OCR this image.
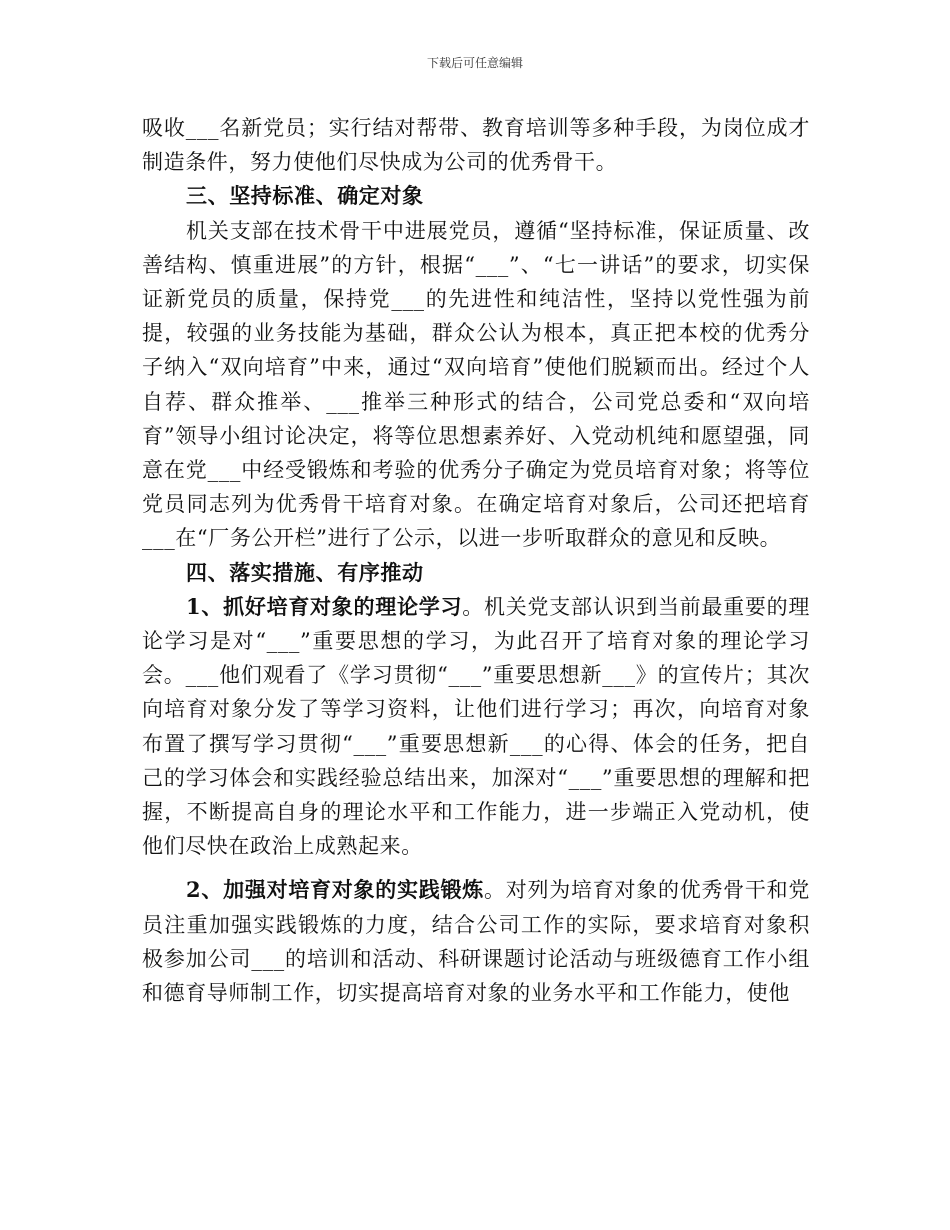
下载后可任意编辑

吸收___名新党员；实行结对帮带、教育培训等多种手段，为岗位成才制造条件，努力使他们尽快成为公司的优秀骨干。

三、坚持标准、确定对象

机关支部在技术骨干中进展党员，遵循“坚持标准，保证质量、改善结构、慎重进展”的方针，根据“___”、“七一讲话”的要求，切实保证新党员的质量，保持党___的先进性和纯洁性，坚持以党性强为前提，较强的业务技能为基础，群众公认为根本，真正把本校的优秀分子纳入“双向培育”中来，通过“双向培育”使他们脱颖而出。经过个人自荐、群众推举、___推举三种形式的结合，公司党总委和“双向培育”领导小组讨论决定，将等位思想素养好、入党动机纯和愿望强，同意在党___中经受锻炼和考验的优秀分子确定为党员培育对象；将等位党员同志列为优秀骨干培育对象。在确定培育对象后，公司还把培育___在“厂务公开栏”进行了公示，以进一步听取群众的意见和反映。

四、落实措施、有序推动

1、抓好培育对象的理论学习。机关党支部认识到当前最重要的理论学习是对“___”重要思想的学习，为此召开了培育对象的理论学习会。___他们观看了《学习贯彻“___”重要思想新___》的宣传片；其次向培育对象分发了等学习资料，让他们进行学习；再次，向培育对象布置了撰写学习贯彻“___”重要思想新___的心得、体会的任务，把自己的学习体会和实践经验总结出来，加深对“___”重要思想的理解和把握，不断提高自身的理论水平和工作能力，进一步端正入党动机，使他们尽快在政治上成熟起来。

2、加强对培育对象的实践锻炼。对列为培育对象的优秀骨干和党员注重加强实践锻炼的力度，结合公司工作的实际，要求培育对象积极参加公司___的培训和活动、科研课题讨论活动与班级德育工作小组和德育导师制工作，切实提高培育对象的业务水平和工作能力，使他
